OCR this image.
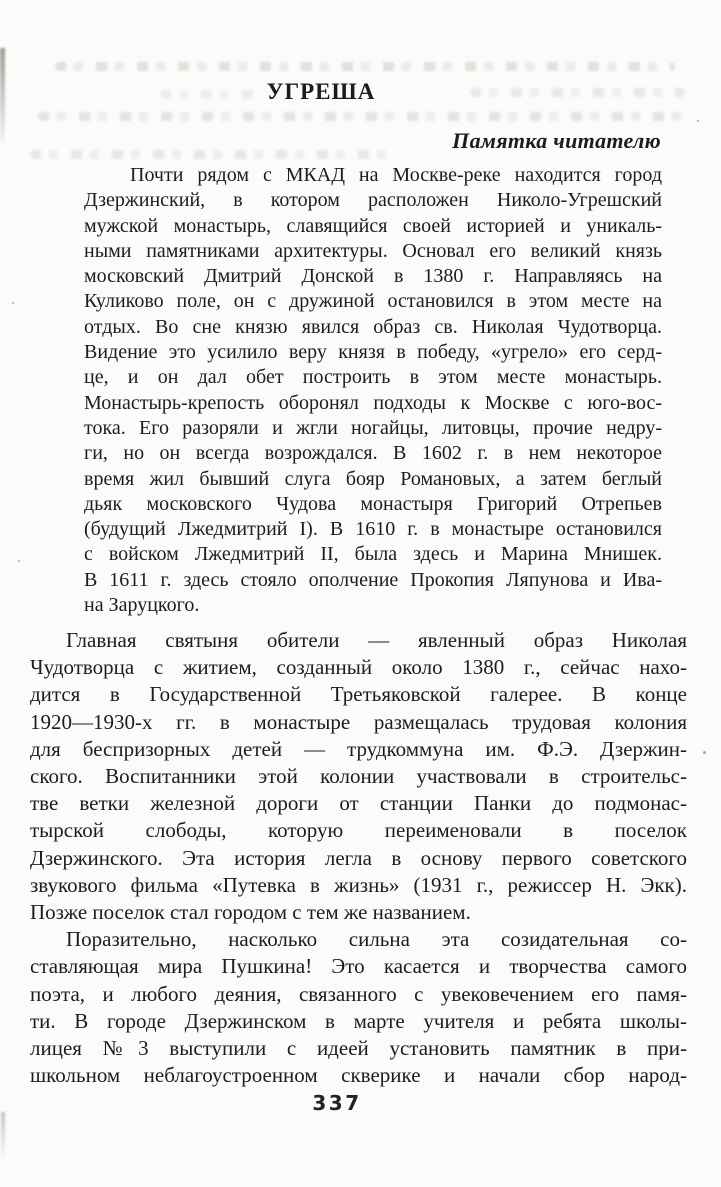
УГРЕША
Памятка читателю
Почти рядом с МКАД на Москве-реке находится город
Дзержинский, в котором расположен Николо-Угрешский
мужской монастырь, славящийся своей историей и уникаль-
ными памятниками архитектуры. Основал его великий князь
московский Дмитрий Донской в 1380 г. Направляясь на
Куликово поле, он с дружиной остановился в этом месте на
отдых. Во сне князю явился образ св. Николая Чудотворца.
Видение это усилило веру князя в победу, «угрело» его серд-
це, и он дал обет построить в этом месте монастырь.
Монастырь-крепость оборонял подходы к Москве с юго-вос-
тока. Его разоряли и жгли ногайцы, литовцы, прочие недру-
ги, но он всегда возрождался. В 1602 г. в нем некоторое
время жил бывший слуга бояр Романовых, а затем беглый
дьяк московского Чудова монастыря Григорий Отрепьев
(будущий Лжедмитрий I). В 1610 г. в монастыре остановился
с войском Лжедмитрий II, была здесь и Марина Мнишек.
В 1611 г. здесь стояло ополчение Прокопия Ляпунова и Ива-
на Заруцкого.
Главная святыня обители — явленный образ Николая
Чудотворца с житием, созданный около 1380 г., сейчас нахо-
дится в Государственной Третьяковской галерее. В конце
1920—1930-х гг. в монастыре размещалась трудовая колония
для беспризорных детей — трудкоммуна им. Ф.Э. Дзержин-
ского. Воспитанники этой колонии участвовали в строительс-
тве ветки железной дороги от станции Панки до подмонас-
тырской слободы, которую переименовали в поселок
Дзержинского. Эта история легла в основу первого советского
звукового фильма «Путевка в жизнь» (1931 г., режиссер Н. Экк).
Позже поселок стал городом с тем же названием.
Поразительно, насколько сильна эта созидательная со-
ставляющая мира Пушкина! Это касается и творчества самого
поэта, и любого деяния, связанного с увековечением его памя-
ти. В городе Дзержинском в марте учителя и ребята школы-
лицея №3 выступили с идеей установить памятник в при-
школьном неблагоустроенном скверике и начали сбор народ-
337
